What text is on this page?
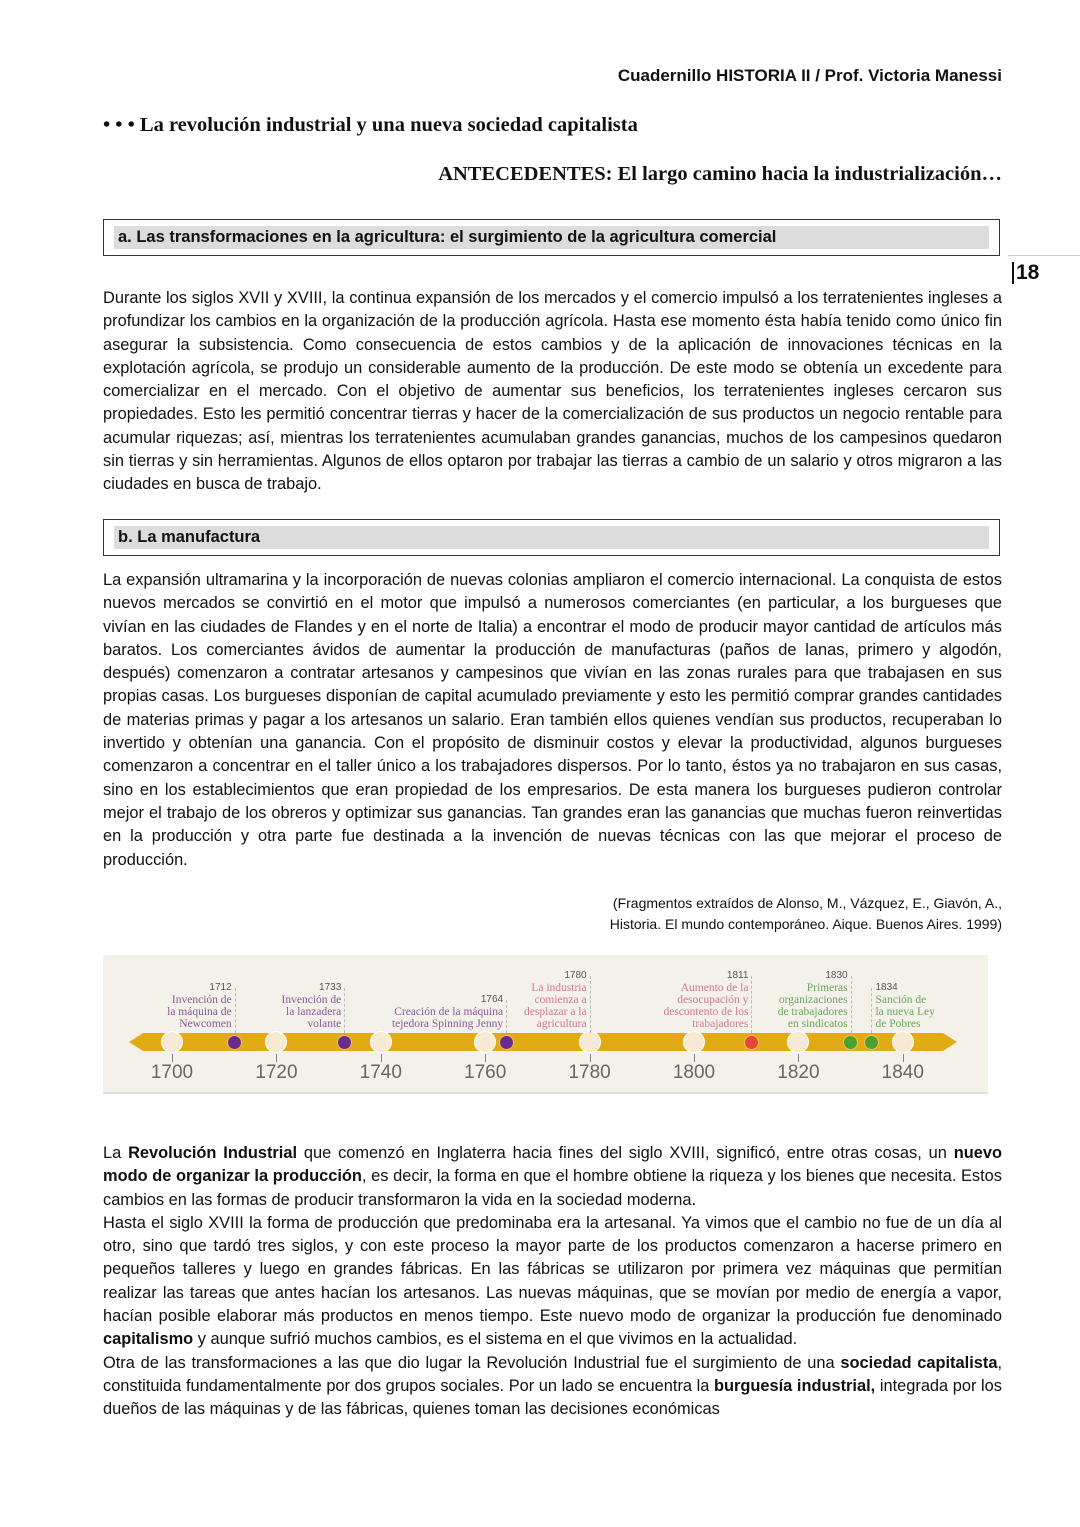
Cuadernillo HISTORIA II / Prof. Victoria Manessi
18
• • • La revolución industrial y una nueva sociedad capitalista
ANTECEDENTES: El largo camino hacia la industrialización…
a. Las transformaciones en la agricultura: el surgimiento de la agricultura comercial

Durante los siglos XVII y XVIII, la continua expansión de los mercados y el comercio impulsó a los terratenientes ingleses a profundizar los cambios en la organización de la producción agrícola. Hasta ese momento ésta había tenido como único fin asegurar la subsistencia. Como consecuencia de estos cambios y de la aplicación de innovaciones técnicas en la explotación agrícola, se produjo un considerable aumento de la producción. De este modo se obtenía un excedente para comercializar en el mercado. Con el objetivo de aumentar sus beneficios, los terratenientes ingleses cercaron sus propiedades. Esto les permitió concentrar tierras y hacer de la comercialización de sus productos un negocio rentable para acumular riquezas; así, mientras los terratenientes acumulaban grandes ganancias, muchos de los campesinos quedaron sin tierras y sin herramientas. Algunos de ellos optaron por trabajar las tierras a cambio de un salario y otros migraron a las ciudades en busca de trabajo.

b. La manufactura

La expansión ultramarina y la incorporación de nuevas colonias ampliaron el comercio internacional. La conquista de estos nuevos mercados se convirtió en el motor que impulsó a numerosos comerciantes (en particular, a los burgueses que vivían en las ciudades de Flandes y en el norte de Italia) a encontrar el modo de producir mayor cantidad de artículos más baratos. Los comerciantes ávidos de aumentar la producción de manufacturas (paños de lanas, primero y algodón, después) comenzaron a contratar artesanos y campesinos que vivían en las zonas rurales para que trabajasen en sus propias casas. Los burgueses disponían de capital acumulado previamente y esto les permitió comprar grandes cantidades de materias primas y pagar a los artesanos un salario. Eran también ellos quienes vendían sus productos, recuperaban lo invertido y obtenían una ganancia. Con el propósito de disminuir costos y elevar la productividad, algunos burgueses comenzaron a concentrar en el taller único a los trabajadores dispersos. Por lo tanto, éstos ya no trabajaron en sus casas, sino en los establecimientos que eran propiedad de los empresarios. De esta manera los burgueses pudieron controlar mejor el trabajo de los obreros y optimizar sus ganancias. Tan grandes eran las ganancias que muchas fueron reinvertidas en la producción y otra parte fue destinada a la invención de nuevas técnicas con las que mejorar el proceso de producción.

(Fragmentos extraídos de Alonso, M., Vázquez, E., Giavón, A.,
Historia. El mundo contemporáneo. Aique. Buenos Aires. 1999)
1700	1720	1740	1760	1780	1800	1820	1840
1712
Invención de
la máquina de
Newcomen
1733
Invención de
la lanzadera
volante
1764
Creación de la máquina
tejedora Spinning Jenny
1780
La industria
comienza a
desplazar a la
agricultura
1811
Aumento de la
desocupación y
descontento de los
trabajadores
1830
Primeras
organizaciones
de trabajadores
en sindicatos
1834
Sanción de
la nueva Ley
de Pobres

La Revolución Industrial que comenzó en Inglaterra hacia fines del siglo XVIII, significó, entre otras cosas, un nuevo modo de organizar la producción, es decir, la forma en que el hombre obtiene la riqueza y los bienes que necesita. Estos cambios en las formas de producir transformaron la vida en la sociedad moderna.

Hasta el siglo XVIII la forma de producción que predominaba era la artesanal. Ya vimos que el cambio no fue de un día al otro, sino que tardó tres siglos, y con este proceso la mayor parte de los productos comenzaron a hacerse primero en pequeños talleres y luego en grandes fábricas. En las fábricas se utilizaron por primera vez máquinas que permitían realizar las tareas que antes hacían los artesanos. Las nuevas máquinas, que se movían por medio de energía a vapor, hacían posible elaborar más productos en menos tiempo. Este nuevo modo de organizar la producción fue denominado capitalismo y aunque sufrió muchos cambios, es el sistema en el que vivimos en la actualidad.

Otra de las transformaciones a las que dio lugar la Revolución Industrial fue el surgimiento de una sociedad capitalista, constituida fundamentalmente por dos grupos sociales. Por un lado se encuentra la burguesía industrial, integrada por los dueños de las máquinas y de las fábricas, quienes toman las decisiones económicas
